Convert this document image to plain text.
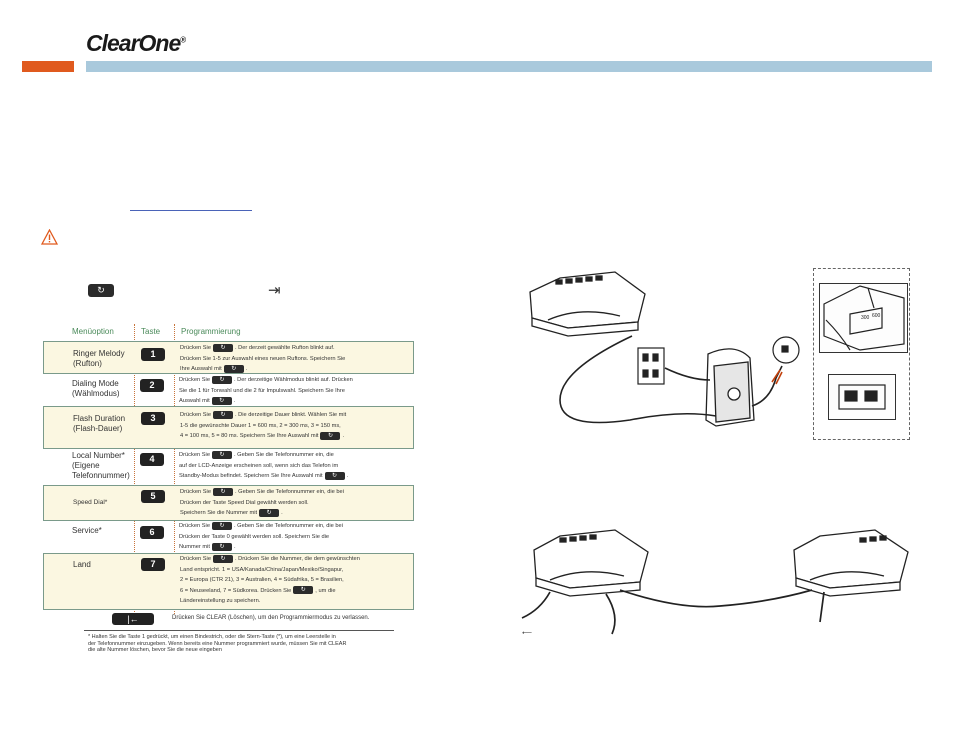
ClearOne®
↻	⇥
Menüoption	Taste	Programmierung
Ringer Melody
(Rufton)
1
Drücken Sie ↻ . Der derzeit gewählte Rufton blinkt auf.
Drücken Sie 1-5 zur Auswahl eines neuen Ruftons. Speichern Sie
Ihre Auswahl mit ↻ .
Dialing Mode
(Wählmodus)
2	Drücken Sie ↻ . Der derzeitige Wählmodus blinkt auf. Drücken
Sie die 1 für Tonwahl und die 2 für Impulswahl. Speichern Sie Ihre
Auswahl mit ↻ .
Flash Duration
(Flash-Dauer)
3	Drücken Sie ↻ . Die derzeitige Dauer blinkt. Wählen Sie mit
1-5 die gewünschte Dauer 1 = 600 ms, 2 = 300 ms, 3 = 150 ms,
4 = 100 ms, 5 = 80 ms. Speichern Sie Ihre Auswahl mit ↻ .
Local Number*
(Eigene
Telefonnummer)
4	Drücken Sie ↻ . Geben Sie die Telefonnummer ein, die
auf der LCD-Anzeige erscheinen soll, wenn sich das Telefon im
Standby-Modus befindet. Speichern Sie Ihre Auswahl mit ↻ .
Speed Dial*
5	Drücken Sie ↻ . Geben Sie die Telefonnummer ein, die bei
Drücken der Taste Speed Dial gewählt werden soll.
Speichern Sie die Nummer mit ↻ .
Service*	6
Drücken Sie ↻ . Geben Sie die Telefonnummer ein, die bei
Drücken der Taste 0 gewählt werden soll. Speichern Sie die
Nummer mit ↻ .
Land	7	Drücken Sie ↻ . Drücken Sie die Nummer, die dem gewünschten
Land entspricht. 1 = USA/Kanada/China/Japan/Mexiko/Singapur,
2 = Europa (CTR 21), 3 = Australien, 4 = Südafrika, 5 = Brasilien,
6 = Neuseeland, 7 = Südkorea. Drücken Sie ↻ , um die
Ländereinstellung zu speichern.
|←	Drücken Sie CLEAR (Löschen), um den Programmiermodus zu verlassen.
* Halten Sie die Taste 1 gedrückt, um einen Bindestrich, oder die Stern-Taste (*), um eine Leerstelle in
der Telefonnummer einzugeben. Wenn bereits eine Nummer programmiert wurde, müssen Sie mit CLEAR
die alte Nummer löschen, bevor Sie die neue eingeben
300 600
⟵
